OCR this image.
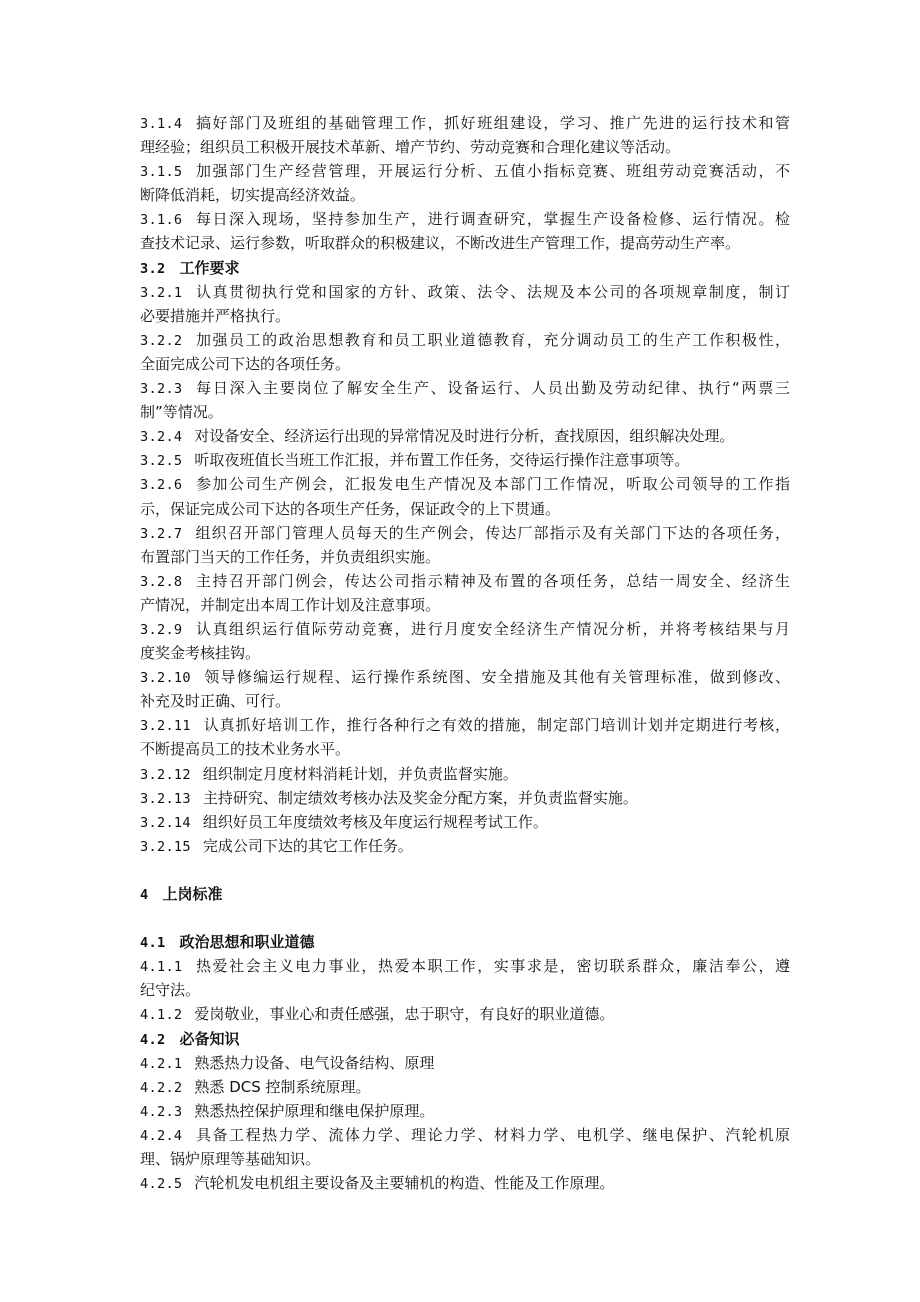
3.1.4 搞好部门及班组的基础管理工作，抓好班组建设，学习、推广先进的运行技术和管
理经验；组织员工积极开展技术革新、增产节约、劳动竞赛和合理化建议等活动。
3.1.5 加强部门生产经营管理，开展运行分析、五值小指标竞赛、班组劳动竞赛活动，不
断降低消耗，切实提高经济效益。
3.1.6 每日深入现场，坚持参加生产，进行调查研究，掌握生产设备检修、运行情况。检
查技术记录、运行参数，听取群众的积极建议，不断改进生产管理工作，提高劳动生产率。
3.2 工作要求
3.2.1 认真贯彻执行党和国家的方针、政策、法令、法规及本公司的各项规章制度，制订
必要措施并严格执行。
3.2.2 加强员工的政治思想教育和员工职业道德教育，充分调动员工的生产工作积极性，
全面完成公司下达的各项任务。
3.2.3 每日深入主要岗位了解安全生产、设备运行、人员出勤及劳动纪律、执行“两票三
制”等情况。
3.2.4 对设备安全、经济运行出现的异常情况及时进行分析，查找原因，组织解决处理。
3.2.5 听取夜班值长当班工作汇报，并布置工作任务，交待运行操作注意事项等。
3.2.6 参加公司生产例会，汇报发电生产情况及本部门工作情况，听取公司领导的工作指
示，保证完成公司下达的各项生产任务，保证政令的上下贯通。
3.2.7 组织召开部门管理人员每天的生产例会，传达厂部指示及有关部门下达的各项任务，
布置部门当天的工作任务，并负责组织实施。
3.2.8 主持召开部门例会，传达公司指示精神及布置的各项任务，总结一周安全、经济生
产情况，并制定出本周工作计划及注意事项。
3.2.9 认真组织运行值际劳动竞赛，进行月度安全经济生产情况分析，并将考核结果与月
度奖金考核挂钩。
3.2.10 领导修编运行规程、运行操作系统图、安全措施及其他有关管理标准，做到修改、
补充及时正确、可行。
3.2.11 认真抓好培训工作，推行各种行之有效的措施，制定部门培训计划并定期进行考核，
不断提高员工的技术业务水平。
3.2.12 组织制定月度材料消耗计划，并负责监督实施。
3.2.13 主持研究、制定绩效考核办法及奖金分配方案，并负责监督实施。
3.2.14 组织好员工年度绩效考核及年度运行规程考试工作。
3.2.15 完成公司下达的其它工作任务。
4 上岗标准
4.1 政治思想和职业道德
4.1.1 热爱社会主义电力事业，热爱本职工作，实事求是，密切联系群众，廉洁奉公，遵
纪守法。
4.1.2 爱岗敬业，事业心和责任感强，忠于职守，有良好的职业道德。
4.2 必备知识
4.2.1 熟悉热力设备、电气设备结构、原理
4.2.2 熟悉 DCS 控制系统原理。
4.2.3 熟悉热控保护原理和继电保护原理。
4.2.4 具备工程热力学、流体力学、理论力学、材料力学、电机学、继电保护、汽轮机原
理、锅炉原理等基础知识。
4.2.5 汽轮机发电机组主要设备及主要辅机的构造、性能及工作原理。
